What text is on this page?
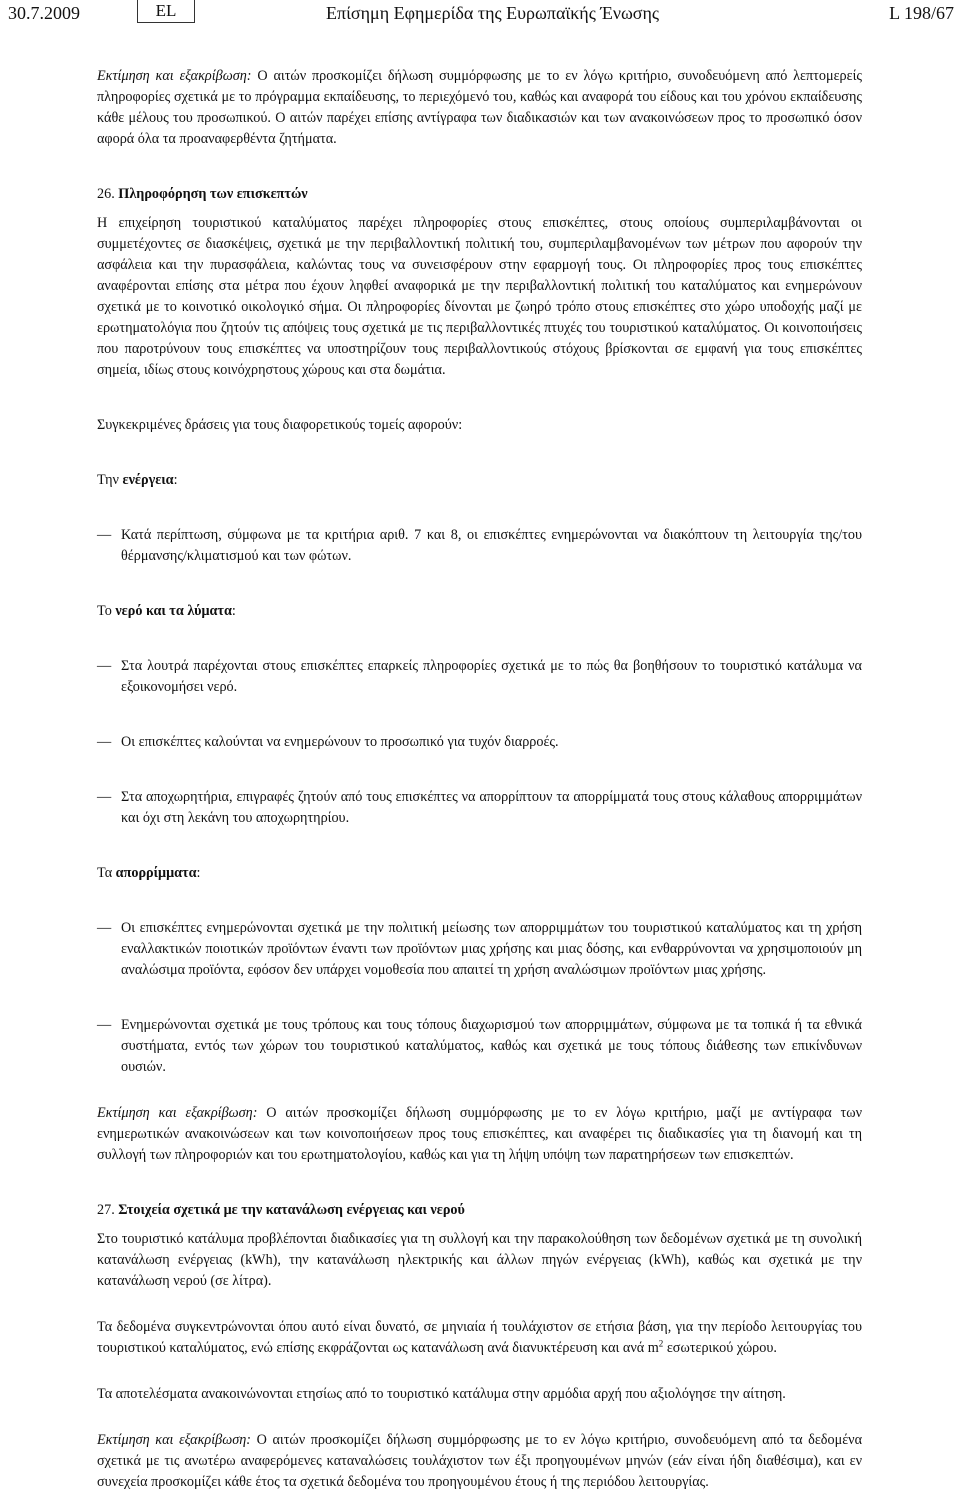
30.7.2009	EL	Επίσημη Εφημερίδα της Ευρωπαϊκής Ένωσης	L 198/67

Εκτίμηση και εξακρίβωση: Ο αιτών προσκομίζει δήλωση συμμόρφωσης με το εν λόγω κριτήριο, συνοδευόμενη από λεπτομερείς πληροφορίες σχετικά με το πρόγραμμα εκπαίδευσης, το περιεχόμενό του, καθώς και αναφορά του είδους και του χρόνου εκπαίδευσης κάθε μέλους του προσωπικού. Ο αιτών παρέχει επίσης αντίγραφα των διαδικασιών και των ανακοινώσεων προς το προσωπικό όσον αφορά όλα τα προαναφερθέντα ζητήματα.

26. Πληροφόρηση των επισκεπτών

Η επιχείρηση τουριστικού καταλύματος παρέχει πληροφορίες στους επισκέπτες, στους οποίους συμπεριλαμβάνονται οι συμμετέχοντες σε διασκέψεις, σχετικά με την περιβαλλοντική πολιτική του, συμπεριλαμβανομένων των μέτρων που αφορούν την ασφάλεια και την πυρασφάλεια, καλώντας τους να συνεισφέρουν στην εφαρμογή τους. Οι πληροφορίες προς τους επισκέπτες αναφέρονται επίσης στα μέτρα που έχουν ληφθεί αναφορικά με την περιβαλλοντική πολιτική του καταλύματος και ενημερώνουν σχετικά με το κοινοτικό οικολογικό σήμα. Οι πληροφορίες δίνονται με ζωηρό τρόπο στους επισκέπτες στο χώρο υποδοχής μαζί με ερωτηματολόγια που ζητούν τις απόψεις τους σχετικά με τις περιβαλλοντικές πτυχές του τουριστικού καταλύματος. Οι κοινοποιήσεις που παροτρύνουν τους επισκέπτες να υποστηρίζουν τους περιβαλλοντικούς στόχους βρίσκονται σε εμφανή για τους επισκέπτες σημεία, ιδίως στους κοινόχρηστους χώρους και στα δωμάτια.

Συγκεκριμένες δράσεις για τους διαφορετικούς τομείς αφορούν:

Την ενέργεια:

— Κατά περίπτωση, σύμφωνα με τα κριτήρια αριθ. 7 και 8, οι επισκέπτες ενημερώνονται να διακόπτουν τη λειτουργία της/του θέρμανσης/κλιματισμού και των φώτων.

Το νερό και τα λύματα:

— Στα λουτρά παρέχονται στους επισκέπτες επαρκείς πληροφορίες σχετικά με το πώς θα βοηθήσουν το τουριστικό κατάλυμα να εξοικονομήσει νερό.

— Οι επισκέπτες καλούνται να ενημερώνουν το προσωπικό για τυχόν διαρροές.

— Στα αποχωρητήρια, επιγραφές ζητούν από τους επισκέπτες να απορρίπτουν τα απορρίμματά τους στους κάλαθους απορριμμάτων και όχι στη λεκάνη του αποχωρητηρίου.

Τα απορρίμματα:

— Οι επισκέπτες ενημερώνονται σχετικά με την πολιτική μείωσης των απορριμμάτων του τουριστικού καταλύματος και τη χρήση εναλλακτικών ποιοτικών προϊόντων έναντι των προϊόντων μιας χρήσης και μιας δόσης, και ενθαρρύνονται να χρησιμοποιούν μη αναλώσιμα προϊόντα, εφόσον δεν υπάρχει νομοθεσία που απαιτεί τη χρήση αναλώσιμων προϊόντων μιας χρήσης.

— Ενημερώνονται σχετικά με τους τρόπους και τους τόπους διαχωρισμού των απορριμμάτων, σύμφωνα με τα τοπικά ή τα εθνικά συστήματα, εντός των χώρων του τουριστικού καταλύματος, καθώς και σχετικά με τους τόπους διάθεσης των επικίνδυνων ουσιών.

Εκτίμηση και εξακρίβωση: Ο αιτών προσκομίζει δήλωση συμμόρφωσης με το εν λόγω κριτήριο, μαζί με αντίγραφα των ενημερωτικών ανακοινώσεων και των κοινοποιήσεων προς τους επισκέπτες, και αναφέρει τις διαδικασίες για τη διανομή και τη συλλογή των πληροφοριών και του ερωτηματολογίου, καθώς και για τη λήψη υπόψη των παρατηρήσεων των επισκεπτών.

27. Στοιχεία σχετικά με την κατανάλωση ενέργειας και νερού

Στο τουριστικό κατάλυμα προβλέπονται διαδικασίες για τη συλλογή και την παρακολούθηση των δεδομένων σχετικά με τη συνολική κατανάλωση ενέργειας (kWh), την κατανάλωση ηλεκτρικής και άλλων πηγών ενέργειας (kWh), καθώς και σχετικά με την κατανάλωση νερού (σε λίτρα).

Τα δεδομένα συγκεντρώνονται όπου αυτό είναι δυνατό, σε μηνιαία ή τουλάχιστον σε ετήσια βάση, για την περίοδο λειτουργίας του τουριστικού καταλύματος, ενώ επίσης εκφράζονται ως κατανάλωση ανά διανυκτέρευση και ανά $m^2$ εσωτερικού χώρου.

Τα αποτελέσματα ανακοινώνονται ετησίως από το τουριστικό κατάλυμα στην αρμόδια αρχή που αξιολόγησε την αίτηση.

Εκτίμηση και εξακρίβωση: Ο αιτών προσκομίζει δήλωση συμμόρφωσης με το εν λόγω κριτήριο, συνοδευόμενη από τα δεδομένα σχετικά με τις ανωτέρω αναφερόμενες καταναλώσεις τουλάχιστον των έξι προηγουμένων μηνών (εάν είναι ήδη διαθέσιμα), και εν συνεχεία προσκομίζει κάθε έτος τα σχετικά δεδομένα του προηγουμένου έτους ή της περιόδου λειτουργίας.
